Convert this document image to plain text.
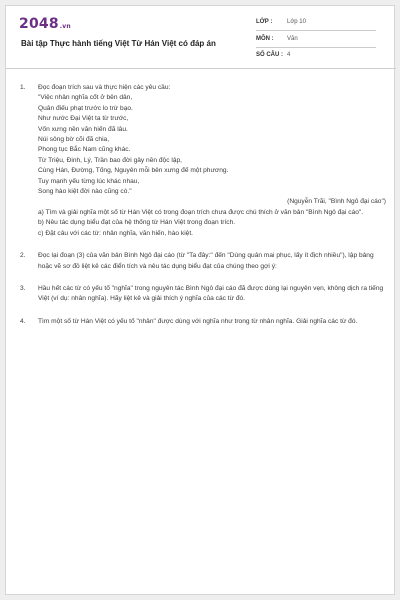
2048.vn
Bài tập Thực hành tiếng Việt Từ Hán Việt có đáp án
LỚP : Lớp 10
MÔN : Văn
SỐ CÂU : 4
1.	Đọc đoạn trích sau và thực hiện các yêu cầu:
"Việc nhân nghĩa cốt ở bên dân,
Quân điếu phạt trước lo trừ bạo.
Như nước Đại Việt ta từ trước,
Vốn xưng nền văn hiến đã lâu.
Núi sông bờ cõi đã chia,
Phong tục Bắc Nam cũng khác.
Từ Triệu, Đinh, Lý, Trần bao đời gây nền độc lập,
Cùng Hán, Đường, Tống, Nguyên mỗi bên xưng đế một phương.
Tuy mạnh yếu từng lúc khác nhau,
Song hào kiệt đời nào cũng có."
(Nguyễn Trãi, "Bình Ngô đại cáo")
a) Tìm và giải nghĩa một số từ Hán Việt có trong đoạn trích chưa được chú thích ở văn bản "Bình Ngô đại cáo".
b) Nêu tác dụng biểu đạt của hệ thống từ Hán Việt trong đoạn trích.
c) Đặt câu với các từ: nhân nghĩa, văn hiến, hào kiệt.
2.	Đọc lại đoạn (3) của văn bản Bình Ngô đại cáo (từ "Ta đây:" đến "Dùng quân mai phục, lấy ít địch nhiều"), lập bảng hoặc vẽ sơ đồ liệt kê các điển tích và nêu tác dụng biểu đạt của chúng theo gợi ý:
3.	Hầu hết các từ có yếu tố "nghĩa" trong nguyên tác Bình Ngô đại cáo đã được dùng lại nguyên vẹn, không dịch ra tiếng Việt (ví dụ: nhân nghĩa). Hãy liệt kê và giải thích ý nghĩa của các từ đó.
4.	Tìm một số từ Hán Việt có yếu tố "nhân" được dùng với nghĩa như trong từ nhân nghĩa. Giải nghĩa các từ đó.
